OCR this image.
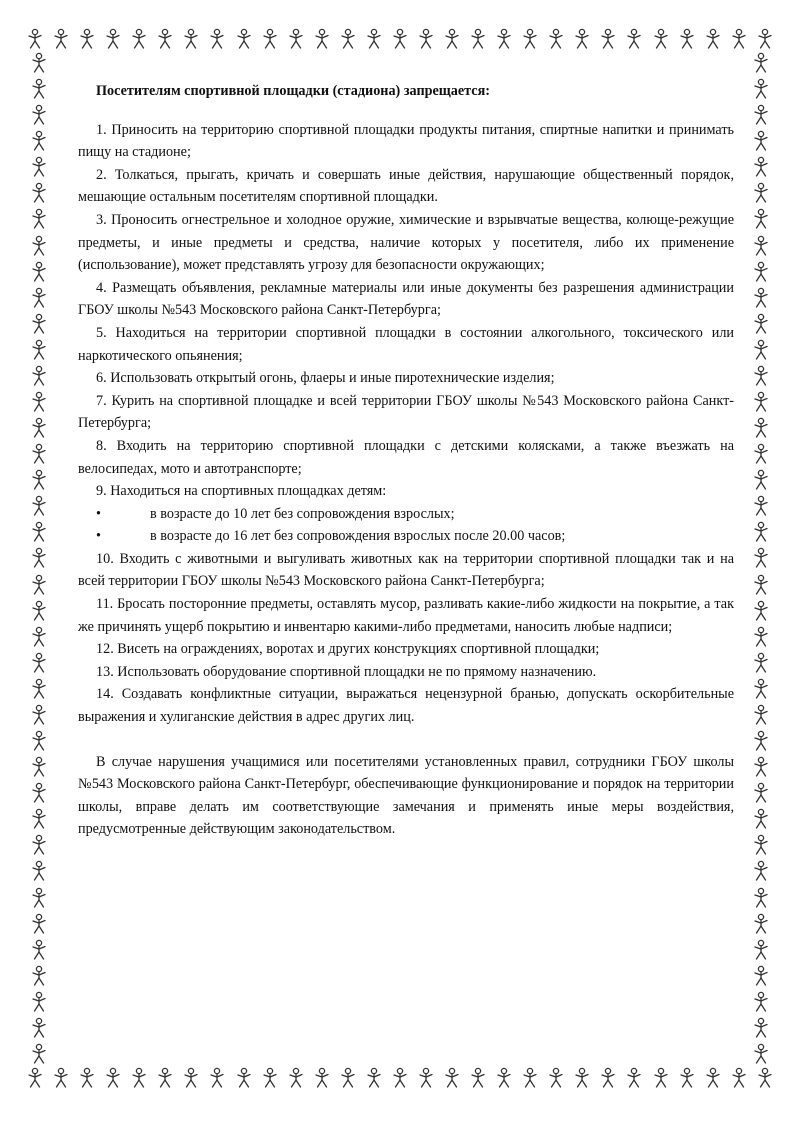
Посетителям спортивной площадки (стадиона) запрещается:

1. Приносить на территорию спортивной площадки продукты питания, спиртные напитки и принимать пищу на стадионе;

2. Толкаться, прыгать, кричать и совершать иные действия, нарушающие общественный порядок, мешающие остальным посетителям спортивной площадки.

3. Проносить огнестрельное и холодное оружие, химические и взрывчатые вещества, колюще-режущие предметы, и иные предметы и средства, наличие которых у посетителя, либо их применение (использование), может представлять угрозу для безопасности окружающих;

4. Размещать объявления, рекламные материалы или иные документы без разрешения администрации ГБОУ школы №543 Московского района Санкт-Петербурга;

5. Находиться на территории спортивной площадки в состоянии алкогольного, токсического или наркотического опьянения;

6. Использовать открытый огонь, флаеры и иные пиротехнические изделия;

7. Курить на спортивной площадке и всей территории ГБОУ школы №543 Московского района Санкт-Петербурга;

8. Входить на территорию спортивной площадки с детскими колясками, а также въезжать на велосипедах, мото и автотранспорте;

9. Находиться на спортивных площадках детям:

•	в возрасте до 10 лет без сопровождения взрослых;

•	в возрасте до 16 лет без сопровождения взрослых после 20.00 часов;

10. Входить с животными и выгуливать животных как на территории спортивной площадки так и на всей территории ГБОУ школы №543 Московского района Санкт-Петербурга;

11. Бросать посторонние предметы, оставлять мусор, разливать какие-либо жидкости на покрытие, а так же причинять ущерб покрытию и инвентарю какими-либо предметами, наносить любые надписи;

12. Висеть на ограждениях, воротах и других конструкциях спортивной площадки;

13. Использовать оборудование спортивной площадки не по прямому назначению.

14. Создавать конфликтные ситуации, выражаться нецензурной бранью, допускать оскорбительные выражения и хулиганские действия в адрес других лиц.

В случае нарушения учащимися или посетителями установленных правил, сотрудники ГБОУ школы №543 Московского района Санкт-Петербург, обеспечивающие функционирование и порядок на территории школы, вправе делать им соответствующие замечания и применять иные меры воздействия, предусмотренные действующим законодательством.
